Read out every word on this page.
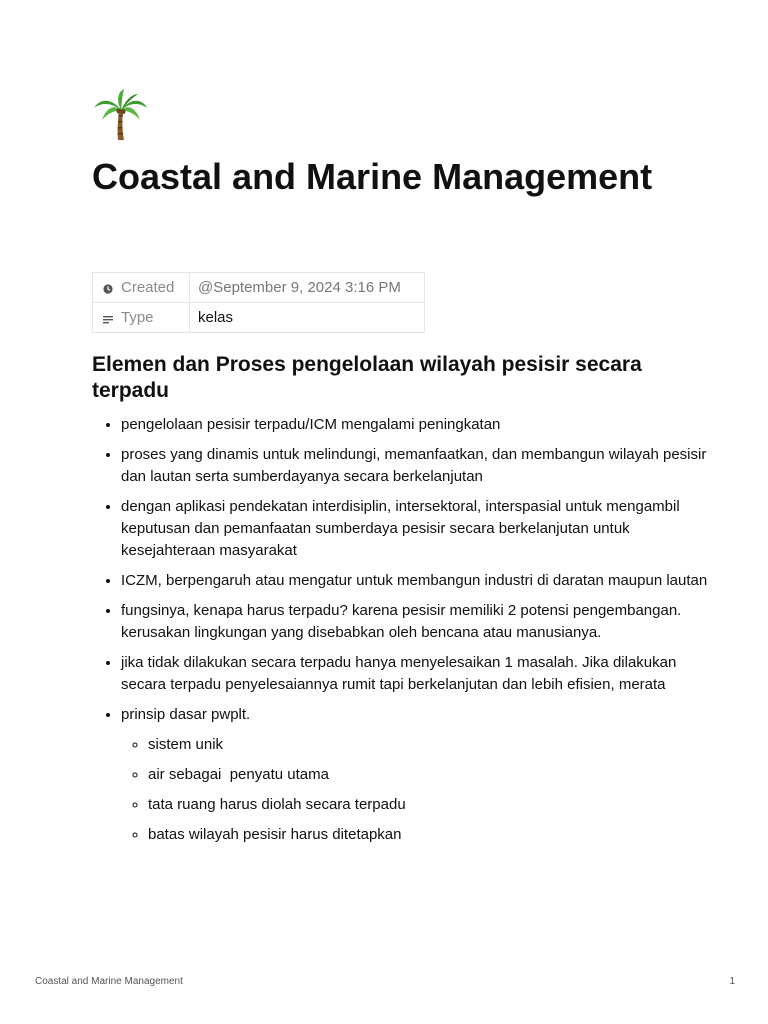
Coastal and Marine Management
Created	@September 9, 2024 3:16 PM
Type	kelas
Elemen dan Proses pengelolaan wilayah pesisir secara terpadu
• pengelolaan pesisir terpadu/ICM mengalami peningkatan
• proses yang dinamis untuk melindungi, memanfaatkan, dan membangun wilayah pesisir dan lautan serta sumberdayanya secara berkelanjutan
• dengan aplikasi pendekatan interdisiplin, intersektoral, interspasial untuk mengambil keputusan dan pemanfaatan sumberdaya pesisir secara berkelanjutan untuk kesejahteraan masyarakat
• ICZM, berpengaruh atau mengatur untuk membangun industri di daratan maupun lautan
• fungsinya, kenapa harus terpadu? karena pesisir memiliki 2 potensi pengembangan. kerusakan lingkungan yang disebabkan oleh bencana atau manusianya.
• jika tidak dilakukan secara terpadu hanya menyelesaikan 1 masalah. Jika dilakukan secara terpadu penyelesaiannya rumit tapi berkelanjutan dan lebih efisien, merata
• prinsip dasar pwplt.
◦ sistem unik
◦ air sebagai  penyatu utama
◦ tata ruang harus diolah secara terpadu
◦ batas wilayah pesisir harus ditetapkan
Coastal and Marine Management	1
